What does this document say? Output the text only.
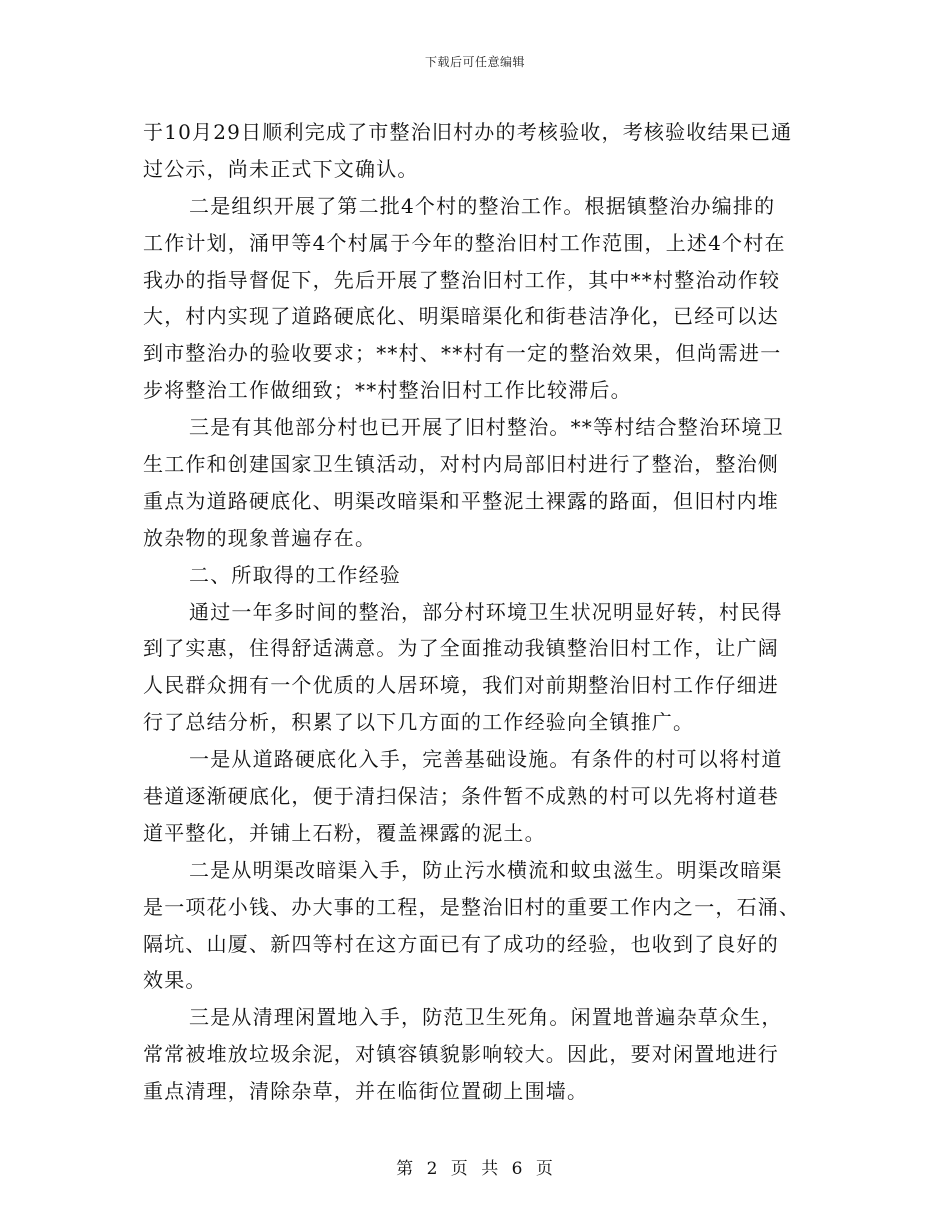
下载后可任意编辑
于10月29日顺利完成了市整治旧村办的考核验收，考核验收结果已通
过公示，尚未正式下文确认。
二是组织开展了第二批4个村的整治工作。根据镇整治办编排的
工作计划，涌甲等4个村属于今年的整治旧村工作范围，上述4个村在
我办的指导督促下，先后开展了整治旧村工作，其中**村整治动作较
大，村内实现了道路硬底化、明渠暗渠化和街巷洁净化，已经可以达
到市整治办的验收要求；**村、**村有一定的整治效果，但尚需进一
步将整治工作做细致；**村整治旧村工作比较滞后。
三是有其他部分村也已开展了旧村整治。**等村结合整治环境卫
生工作和创建国家卫生镇活动，对村内局部旧村进行了整治，整治侧
重点为道路硬底化、明渠改暗渠和平整泥土裸露的路面，但旧村内堆
放杂物的现象普遍存在。
二、所取得的工作经验
通过一年多时间的整治，部分村环境卫生状况明显好转，村民得
到了实惠，住得舒适满意。为了全面推动我镇整治旧村工作，让广阔
人民群众拥有一个优质的人居环境，我们对前期整治旧村工作仔细进
行了总结分析，积累了以下几方面的工作经验向全镇推广。
一是从道路硬底化入手，完善基础设施。有条件的村可以将村道
巷道逐渐硬底化，便于清扫保洁；条件暂不成熟的村可以先将村道巷
道平整化，并铺上石粉，覆盖裸露的泥土。
二是从明渠改暗渠入手，防止污水横流和蚊虫滋生。明渠改暗渠
是一项花小钱、办大事的工程，是整治旧村的重要工作内之一，石涌、
隔坑、山厦、新四等村在这方面已有了成功的经验，也收到了良好的
效果。
三是从清理闲置地入手，防范卫生死角。闲置地普遍杂草众生，
常常被堆放垃圾余泥，对镇容镇貌影响较大。因此，要对闲置地进行
重点清理，清除杂草，并在临街位置砌上围墙。
第 2 页 共 6 页
